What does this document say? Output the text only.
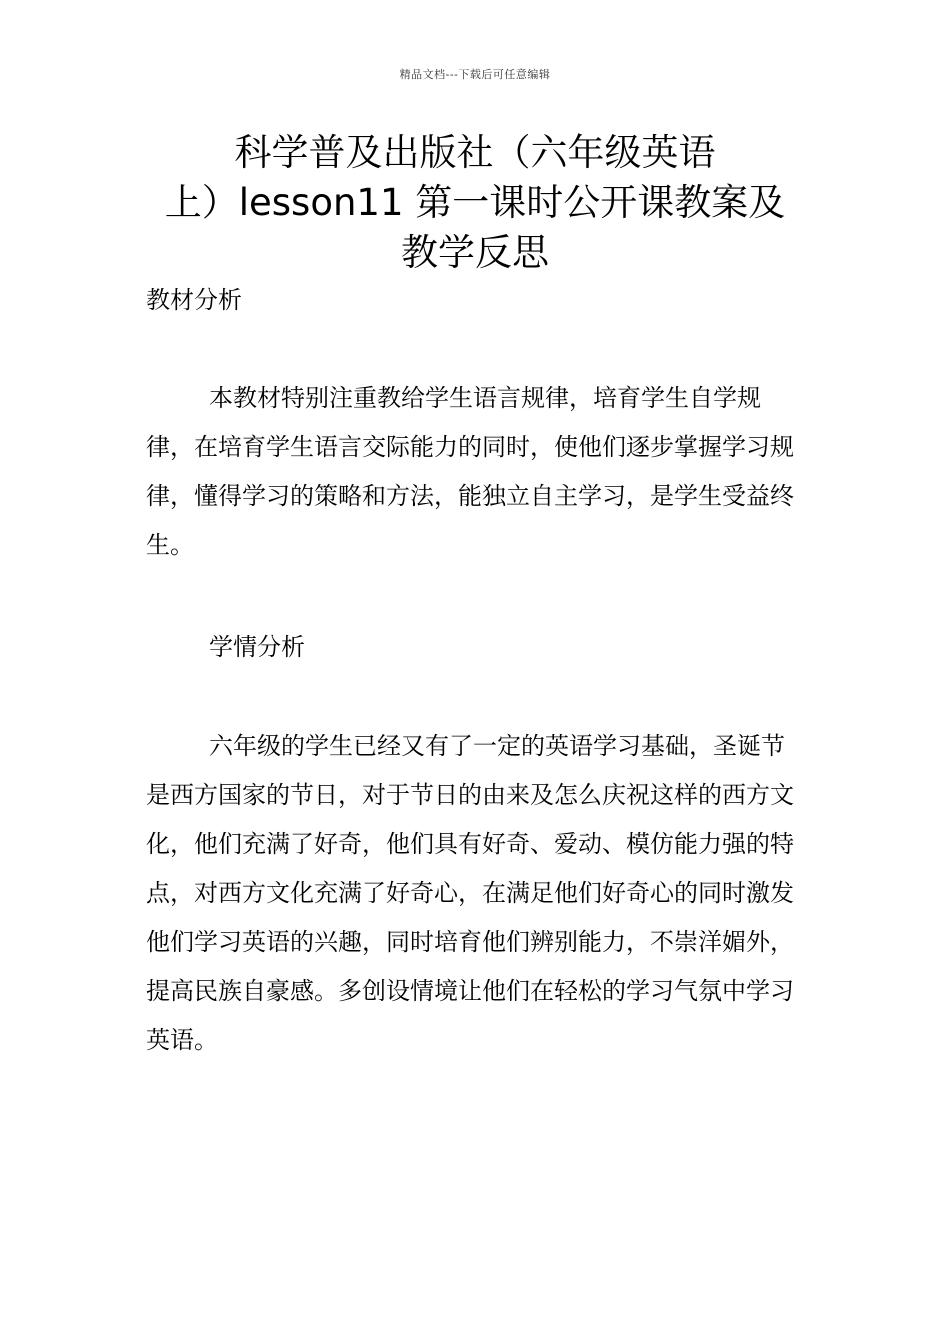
精品文档---下载后可任意编辑
科学普及出版社（六年级英语
上）lesson11 第一课时公开课教案及
教学反思

教材分析

本教材特别注重教给学生语言规律，培育学生自学规律，在培育学生语言交际能力的同时，使他们逐步掌握学习规律，懂得学习的策略和方法，能独立自主学习，是学生受益终生。

学情分析

六年级的学生已经又有了一定的英语学习基础，圣诞节是西方国家的节日，对于节日的由来及怎么庆祝这样的西方文化，他们充满了好奇，他们具有好奇、爱动、模仿能力强的特点，对西方文化充满了好奇心，在满足他们好奇心的同时激发他们学习英语的兴趣，同时培育他们辨别能力，不崇洋媚外，提高民族自豪感。多创设情境让他们在轻松的学习气氛中学习英语。
